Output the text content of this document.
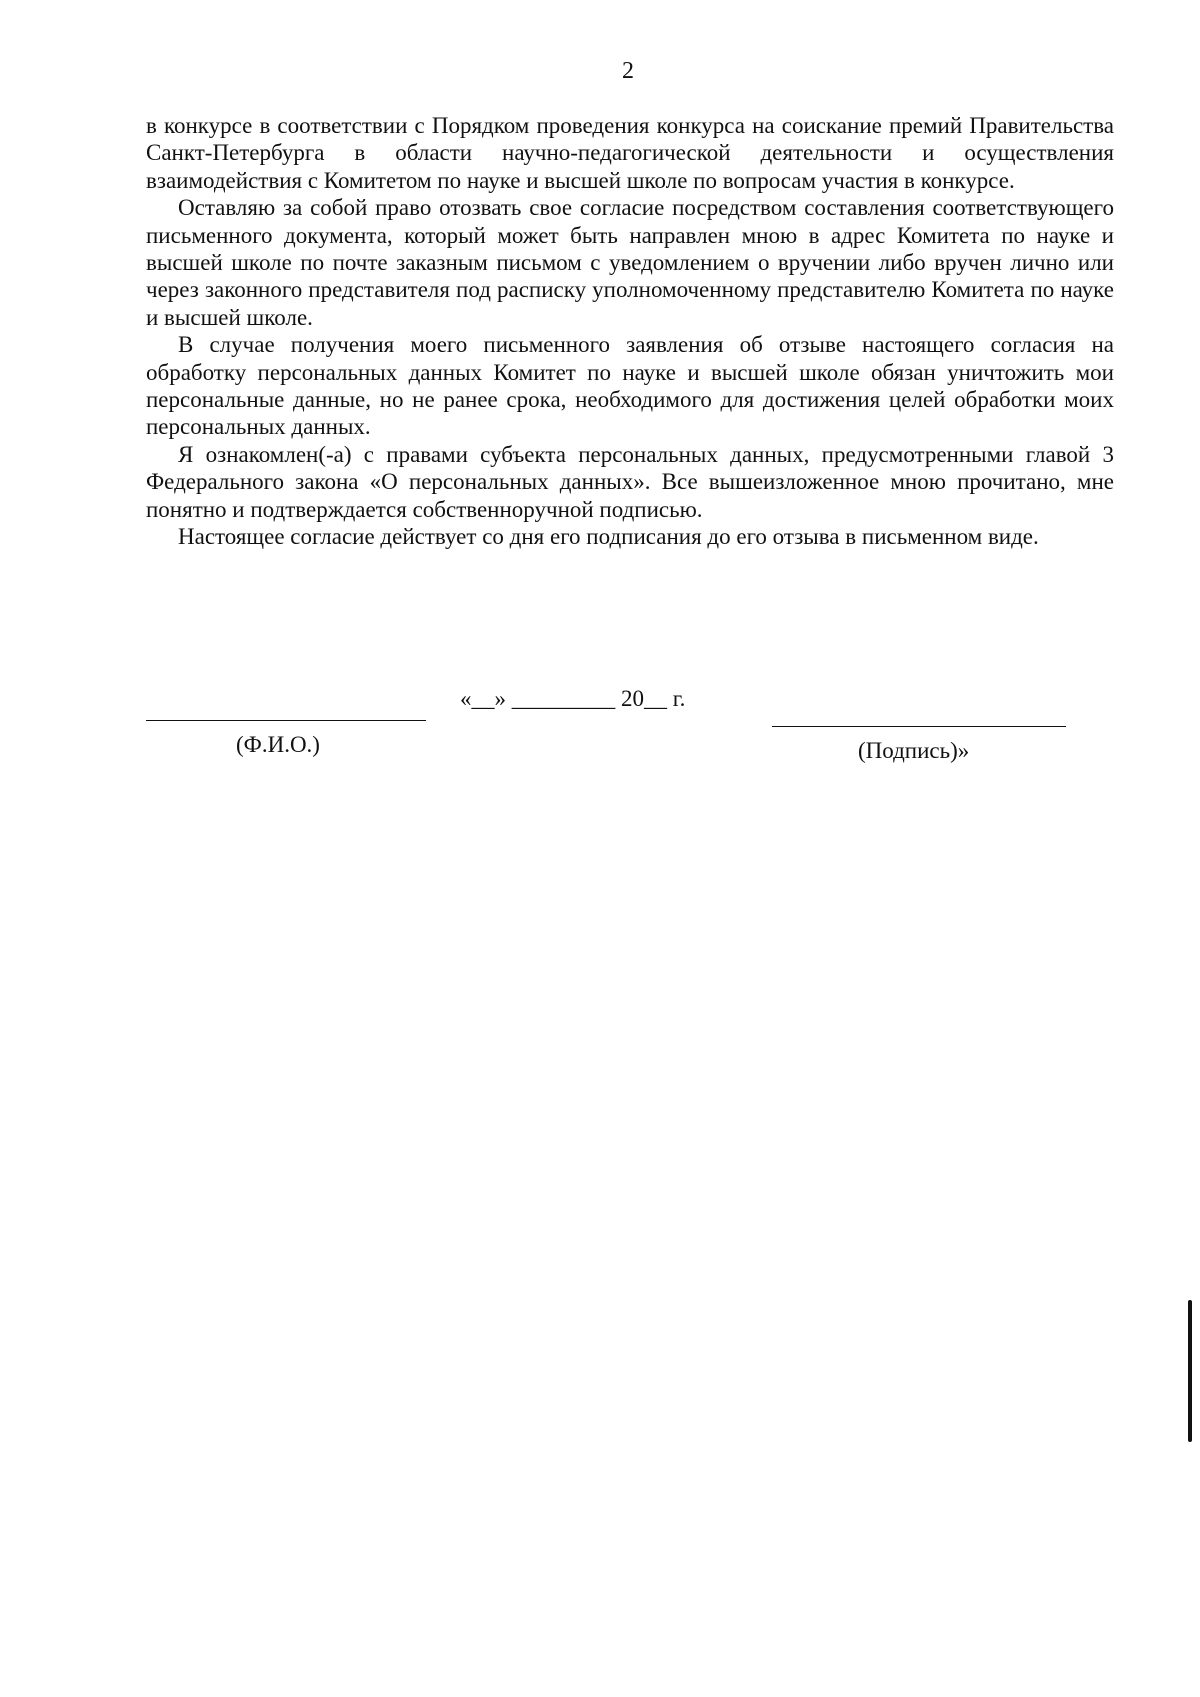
2

в конкурсе в соответствии с Порядком проведения конкурса на соискание премий Правительства Санкт-Петербурга в области научно-педагогической деятельности и осуществления взаимодействия с Комитетом по науке и высшей школе по вопросам участия в конкурсе.

Оставляю за собой право отозвать свое согласие посредством составления соответствующего письменного документа, который может быть направлен мною в адрес Комитета по науке и высшей школе по почте заказным письмом с уведомлением о вручении либо вручен лично или через законного представителя под расписку уполномоченному представителю Комитета по науке и высшей школе.

В случае получения моего письменного заявления об отзыве настоящего согласия на обработку персональных данных Комитет по науке и высшей школе обязан уничтожить мои персональные данные, но не ранее срока, необходимого для достижения целей обработки моих персональных данных.

Я ознакомлен(-а) с правами субъекта персональных данных, предусмотренными главой 3 Федерального закона «О персональных данных». Все вышеизложенное мною прочитано, мне понятно и подтверждается собственноручной подписью.

Настоящее согласие действует со дня его подписания до его отзыва в письменном виде.

«__» _________ 20__ г.
(Ф.И.О.)	(Подпись)»
